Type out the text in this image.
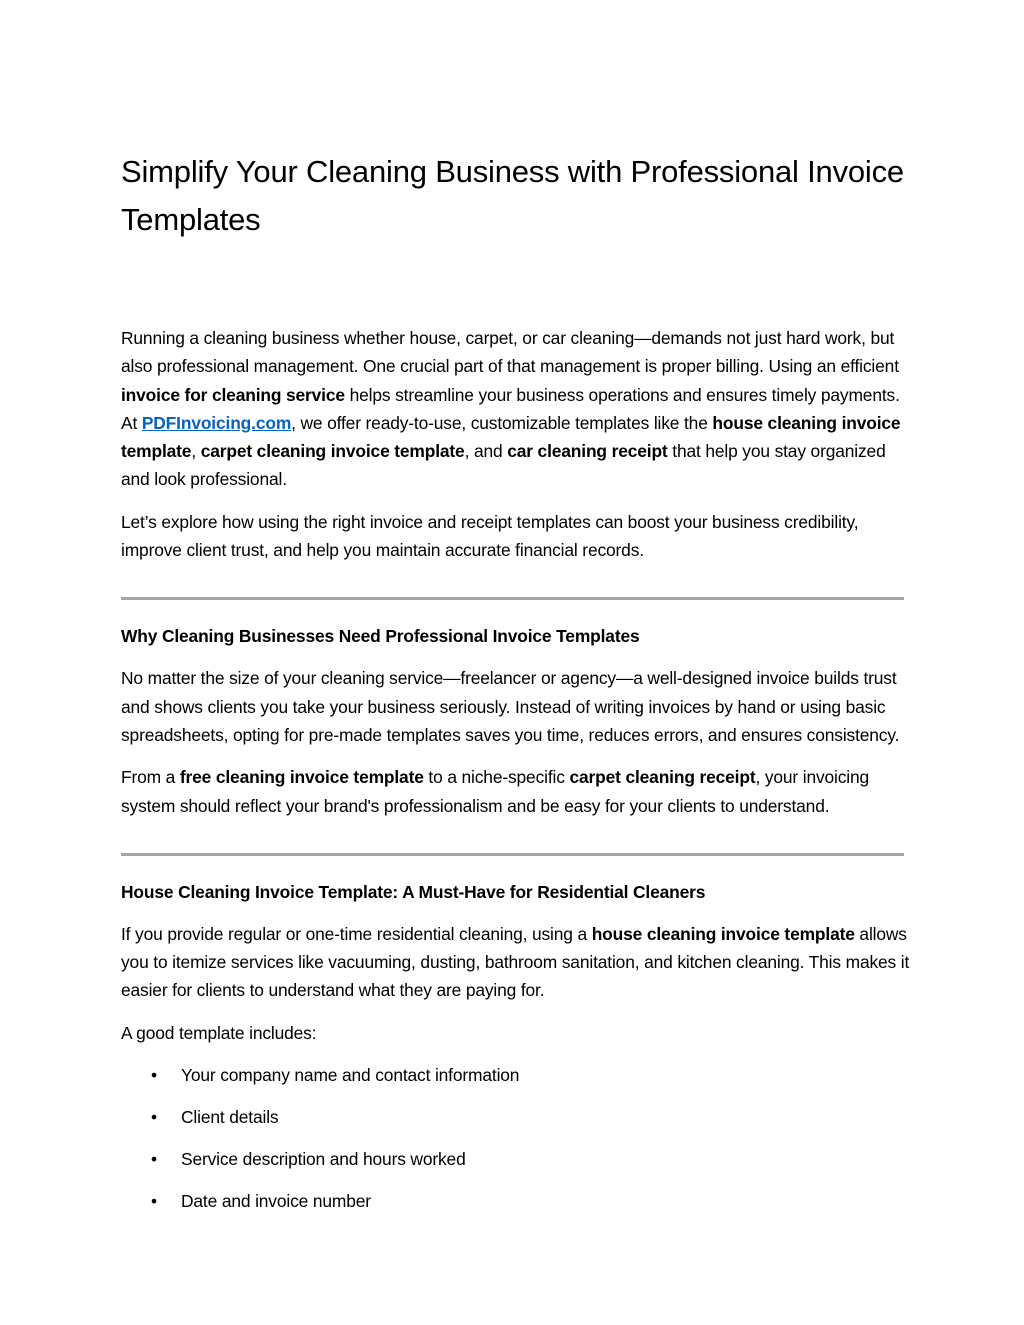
Simplify Your Cleaning Business with Professional Invoice Templates

Running a cleaning business whether house, carpet, or car cleaning—demands not just hard work, but also professional management. One crucial part of that management is proper billing. Using an efficient invoice for cleaning service helps streamline your business operations and ensures timely payments. At PDFInvoicing.com, we offer ready-to-use, customizable templates like the house cleaning invoice template, carpet cleaning invoice template, and car cleaning receipt that help you stay organized and look professional.

Let’s explore how using the right invoice and receipt templates can boost your business credibility, improve client trust, and help you maintain accurate financial records.

Why Cleaning Businesses Need Professional Invoice Templates

No matter the size of your cleaning service—freelancer or agency—a well-designed invoice builds trust and shows clients you take your business seriously. Instead of writing invoices by hand or using basic spreadsheets, opting for pre-made templates saves you time, reduces errors, and ensures consistency.

From a free cleaning invoice template to a niche-specific carpet cleaning receipt, your invoicing system should reflect your brand's professionalism and be easy for your clients to understand.

House Cleaning Invoice Template: A Must-Have for Residential Cleaners

If you provide regular or one-time residential cleaning, using a house cleaning invoice template allows you to itemize services like vacuuming, dusting, bathroom sanitation, and kitchen cleaning. This makes it easier for clients to understand what they are paying for.

A good template includes:

• Your company name and contact information
• Client details
• Service description and hours worked
• Date and invoice number
